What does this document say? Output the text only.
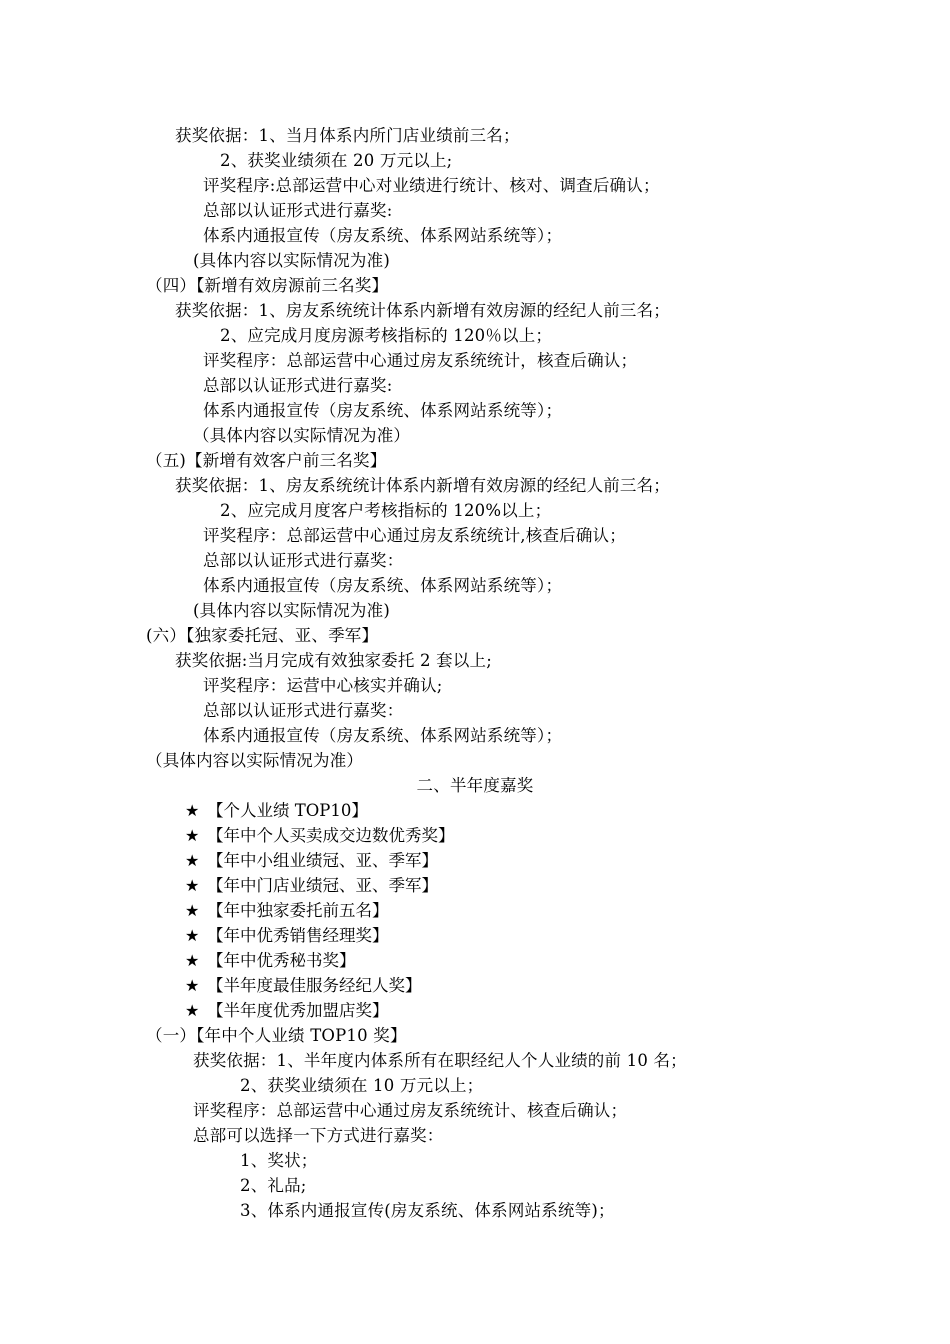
获奖依据：1、当月体系内所门店业绩前三名；
2、获奖业绩须在 20 万元以上;
评奖程序:总部运营中心对业绩进行统计、核对、调查后确认；
总部以认证形式进行嘉奖:
体系内通报宣传（房友系统、体系网站系统等）；
(具体内容以实际情况为准)
（四）【新增有效房源前三名奖】
获奖依据：1、房友系统统计体系内新增有效房源的经纪人前三名；
2、应完成月度房源考核指标的 120％以上；
评奖程序：总部运营中心通过房友系统统计，核查后确认；
总部以认证形式进行嘉奖:
体系内通报宣传（房友系统、体系网站系统等）；
（具体内容以实际情况为准）
（五)【新增有效客户前三名奖】
获奖依据：1、房友系统统计体系内新增有效房源的经纪人前三名；
2、应完成月度客户考核指标的 120%以上；
评奖程序：总部运营中心通过房友系统统计,核查后确认；
总部以认证形式进行嘉奖：
体系内通报宣传（房友系统、体系网站系统等）；
(具体内容以实际情况为准)
(六）【独家委托冠、亚、季军】
获奖依据:当月完成有效独家委托 2 套以上;
评奖程序：运营中心核实并确认;
总部以认证形式进行嘉奖：
体系内通报宣传（房友系统、体系网站系统等）；
（具体内容以实际情况为准）
二、半年度嘉奖
★ 【个人业绩 TOP10】
★ 【年中个人买卖成交边数优秀奖】
★ 【年中小组业绩冠、亚、季军】
★ 【年中门店业绩冠、亚、季军】
★ 【年中独家委托前五名】
★ 【年中优秀销售经理奖】
★ 【年中优秀秘书奖】
★ 【半年度最佳服务经纪人奖】
★ 【半年度优秀加盟店奖】
（一）【年中个人业绩 TOP10 奖】
获奖依据：1、半年度内体系所有在职经纪人个人业绩的前 10 名；
2、获奖业绩须在 10 万元以上；
评奖程序：总部运营中心通过房友系统统计、核查后确认；
总部可以选择一下方式进行嘉奖：
1、奖状；
2、礼品;
3、体系内通报宣传(房友系统、体系网站系统等)；
